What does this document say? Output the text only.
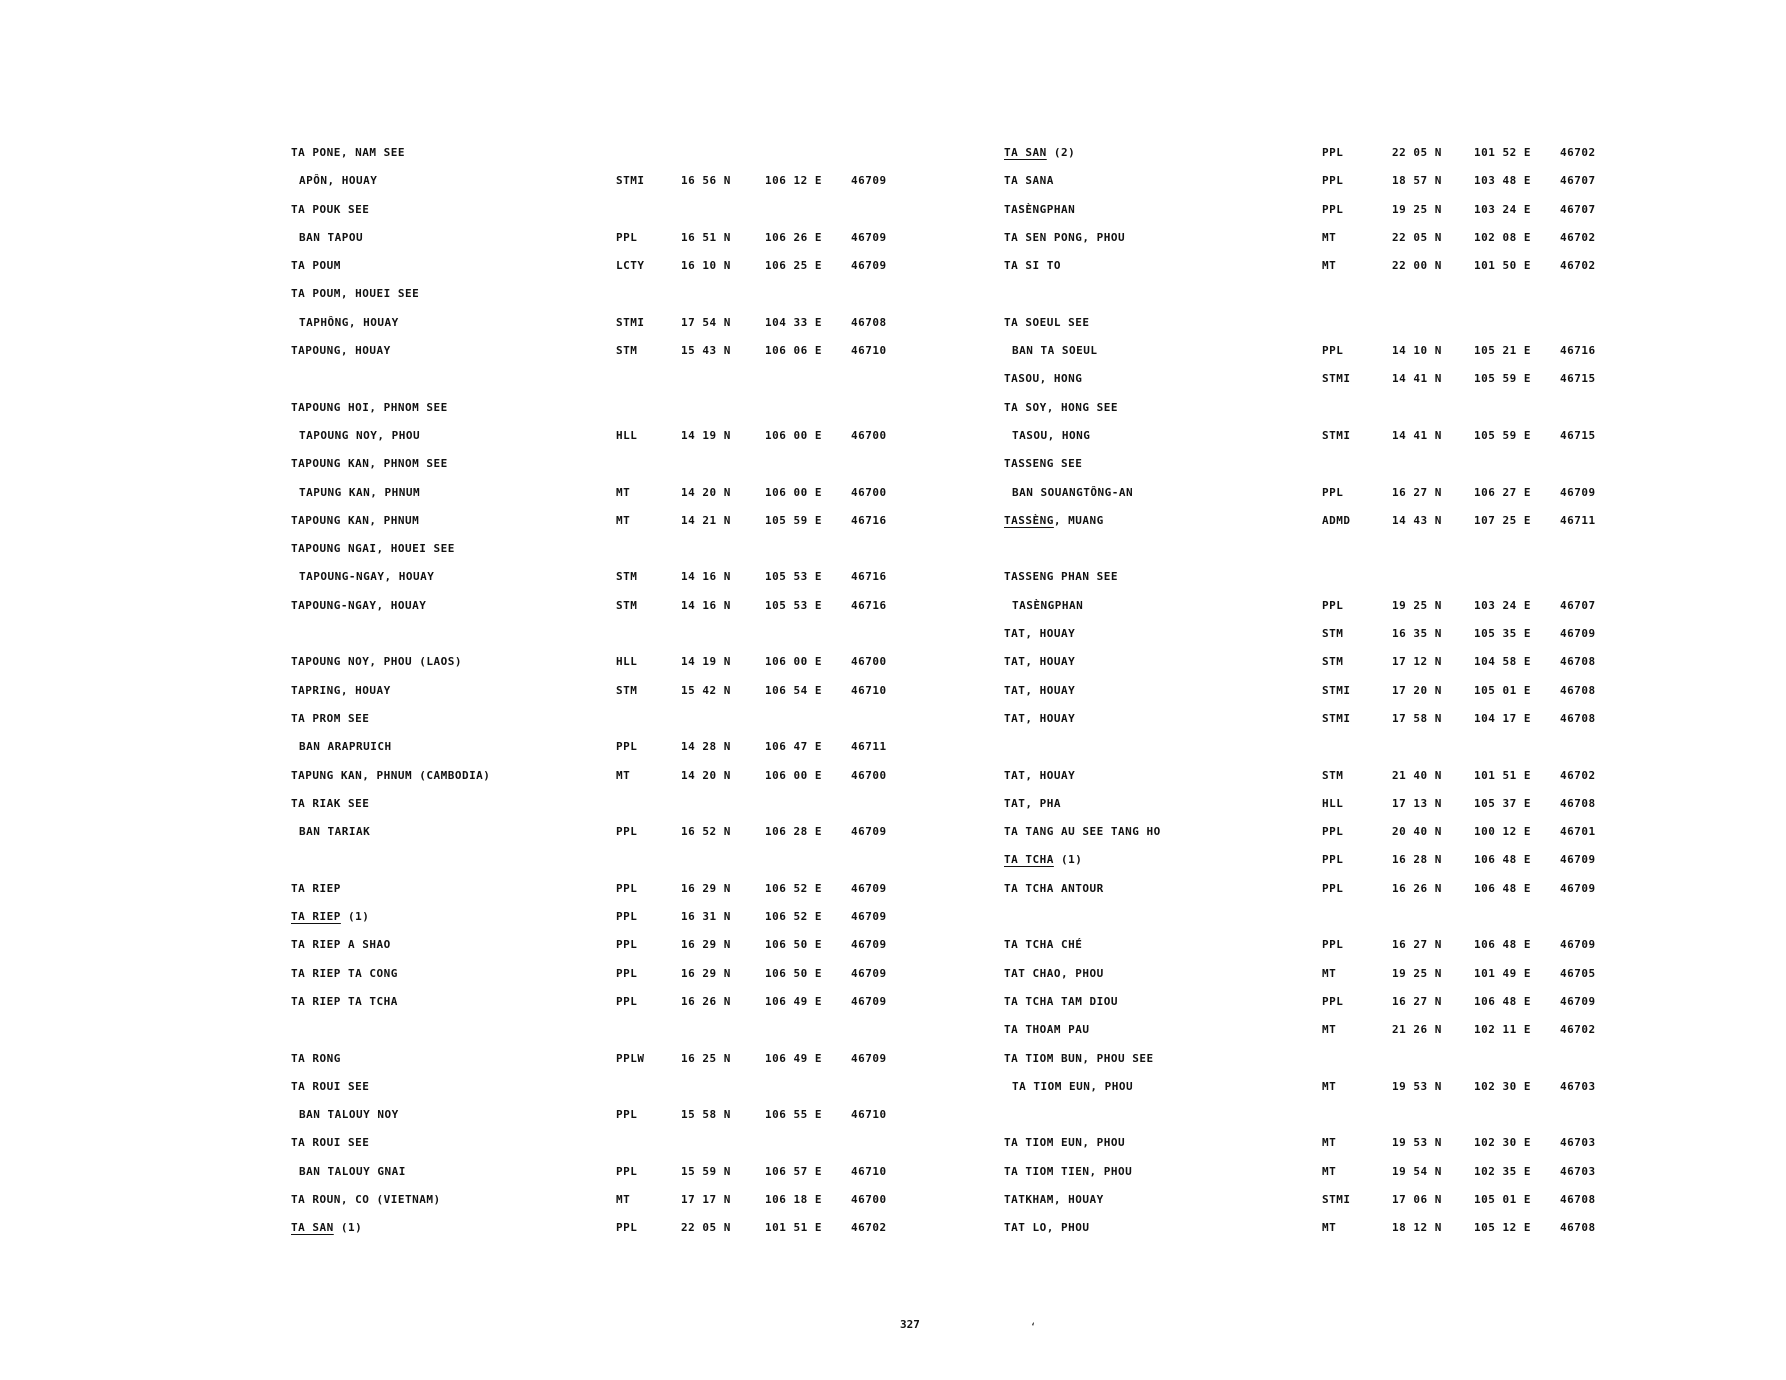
TA PONE, NAM SEE
APÔN, HOUAY	STMI	16 56 N	106 12 E	46709
TA POUK SEE
BAN TAPOU	PPL	16 51 N	106 26 E	46709
TA POUM	LCTY	16 10 N	106 25 E	46709
TA POUM, HOUEI SEE
TAPHÔNG, HOUAY	STMI	17 54 N	104 33 E	46708
TAPOUNG, HOUAY	STM	15 43 N	106 06 E	46710
TAPOUNG HOI, PHNOM SEE
TAPOUNG NOY, PHOU	HLL	14 19 N	106 00 E	46700
TAPOUNG KAN, PHNOM SEE
TAPUNG KAN, PHNUM	MT	14 20 N	106 00 E	46700
TAPOUNG KAN, PHNUM	MT	14 21 N	105 59 E	46716
TAPOUNG NGAI, HOUEI SEE
TAPOUNG-NGAY, HOUAY	STM	14 16 N	105 53 E	46716
TAPOUNG-NGAY, HOUAY	STM	14 16 N	105 53 E	46716
TAPOUNG NOY, PHOU (LAOS)	HLL	14 19 N	106 00 E	46700
TAPRING, HOUAY	STM	15 42 N	106 54 E	46710
TA PROM SEE
BAN ARAPRUICH	PPL	14 28 N	106 47 E	46711
TAPUNG KAN, PHNUM (CAMBODIA)	MT	14 20 N	106 00 E	46700
TA RIAK SEE
BAN TARIAK	PPL	16 52 N	106 28 E	46709
TA RIEP	PPL	16 29 N	106 52 E	46709
TA RIEP (1)	PPL	16 31 N	106 52 E	46709
TA RIEP A SHAO	PPL	16 29 N	106 50 E	46709
TA RIEP TA CONG	PPL	16 29 N	106 50 E	46709
TA RIEP TA TCHA	PPL	16 26 N	106 49 E	46709
TA RONG	PPLW	16 25 N	106 49 E	46709
TA ROUI SEE
BAN TALOUY NOY	PPL	15 58 N	106 55 E	46710
TA ROUI SEE
BAN TALOUY GNAI	PPL	15 59 N	106 57 E	46710
TA ROUN, CO (VIETNAM)	MT	17 17 N	106 18 E	46700
TA SAN (1)	PPL	22 05 N	101 51 E	46702
TA SAN (2)	PPL	22 05 N	101 52 E	46702
TA SANA	PPL	18 57 N	103 48 E	46707
TASÈNGPHAN	PPL	19 25 N	103 24 E	46707
TA SEN PONG, PHOU	MT	22 05 N	102 08 E	46702
TA SI TO	MT	22 00 N	101 50 E	46702
TA SOEUL SEE
BAN TA SOEUL	PPL	14 10 N	105 21 E	46716
TASOU, HONG	STMI	14 41 N	105 59 E	46715
TA SOY, HONG SEE
TASOU, HONG	STMI	14 41 N	105 59 E	46715
TASSENG SEE
BAN SOUANGTÔNG-AN	PPL	16 27 N	106 27 E	46709
TASSÈNG, MUANG	ADMD	14 43 N	107 25 E	46711
TASSENG PHAN SEE
TASÈNGPHAN	PPL	19 25 N	103 24 E	46707
TAT, HOUAY	STM	16 35 N	105 35 E	46709
TAT, HOUAY	STM	17 12 N	104 58 E	46708
TAT, HOUAY	STMI	17 20 N	105 01 E	46708
TAT, HOUAY	STMI	17 58 N	104 17 E	46708
TAT, HOUAY	STM	21 40 N	101 51 E	46702
TAT, PHA	HLL	17 13 N	105 37 E	46708
TA TANG AU SEE TANG HO	PPL	20 40 N	100 12 E	46701
TA TCHA (1)	PPL	16 28 N	106 48 E	46709
TA TCHA ANTOUR	PPL	16 26 N	106 48 E	46709
TA TCHA CHÉ	PPL	16 27 N	106 48 E	46709
TAT CHAO, PHOU	MT	19 25 N	101 49 E	46705
TA TCHA TAM DIOU	PPL	16 27 N	106 48 E	46709
TA THOAM PAU	MT	21 26 N	102 11 E	46702
TA TIOM BUN, PHOU SEE
TA TIOM EUN, PHOU	MT	19 53 N	102 30 E	46703
TA TIOM EUN, PHOU	MT	19 53 N	102 30 E	46703
TA TIOM TIEN, PHOU	MT	19 54 N	102 35 E	46703
TATKHAM, HOUAY	STMI	17 06 N	105 01 E	46708
TAT LO, PHOU	MT	18 12 N	105 12 E	46708
327	‘
